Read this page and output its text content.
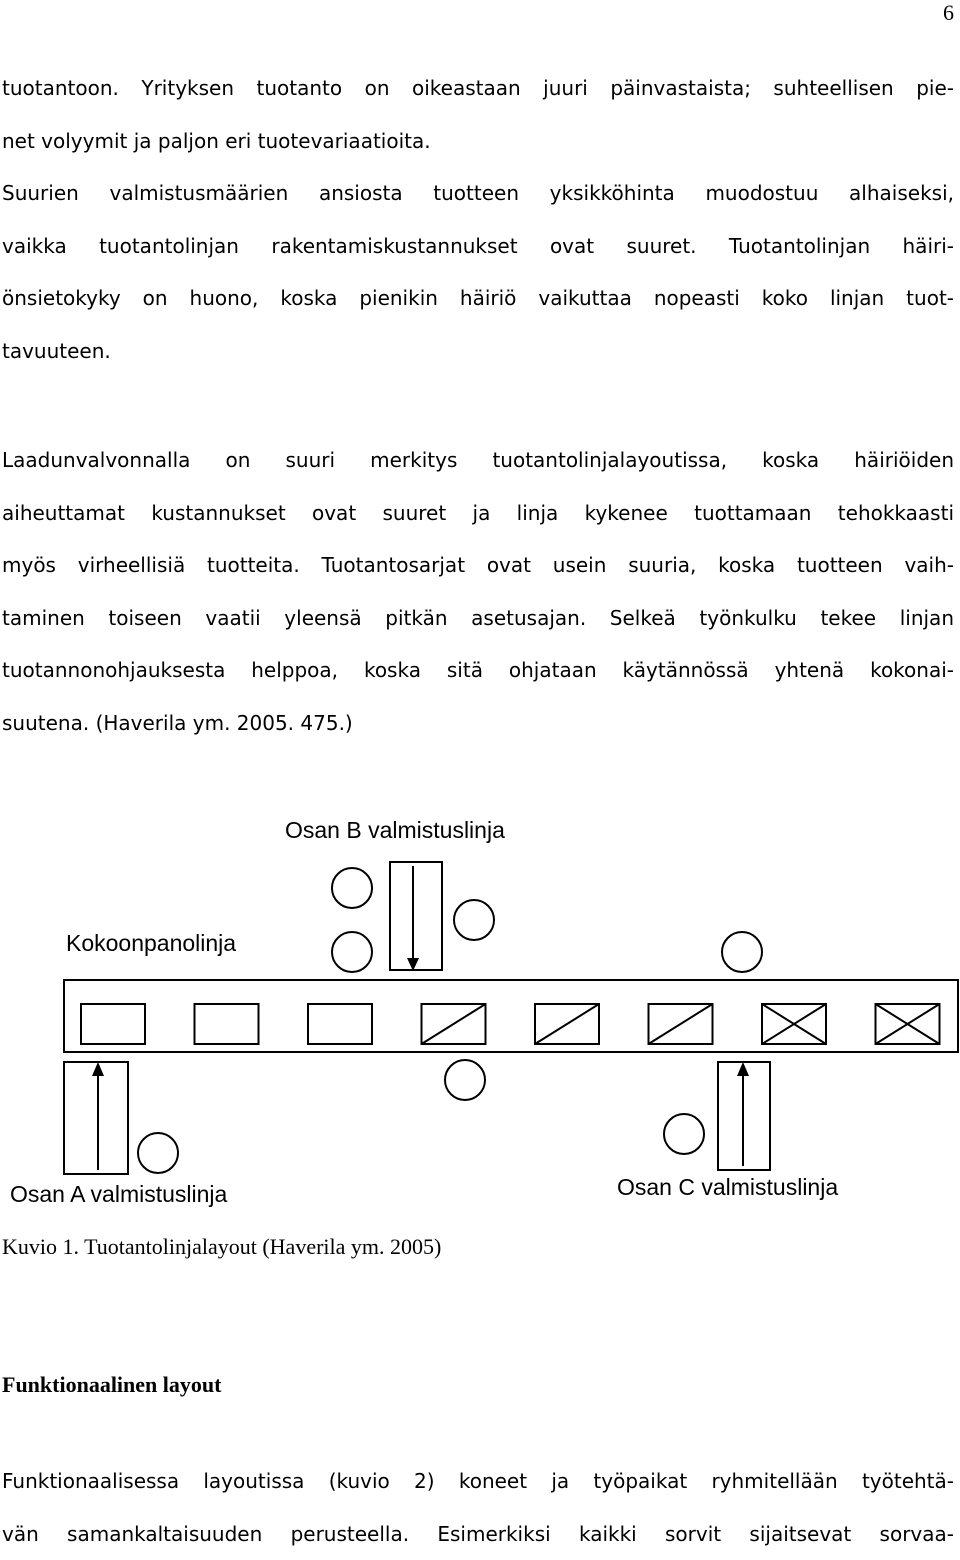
6
tuotantoon. Yrityksen tuotanto on oikeastaan juuri päinvastaista; suhteellisen pie-
net volyymit ja paljon eri tuotevariaatioita.
Suurien valmistusmäärien ansiosta tuotteen yksikköhinta muodostuu alhaiseksi,
vaikka tuotantolinjan rakentamiskustannukset ovat suuret. Tuotantolinjan häiri-
önsietokyky on huono, koska pienikin häiriö vaikuttaa nopeasti koko linjan tuot-
tavuuteen.
Laadunvalvonnalla on suuri merkitys tuotantolinjalayoutissa, koska häiriöiden
aiheuttamat kustannukset ovat suuret ja linja kykenee tuottamaan tehokkaasti
myös virheellisiä tuotteita. Tuotantosarjat ovat usein suuria, koska tuotteen vaih-
taminen toiseen vaatii yleensä pitkän asetusajan. Selkeä työnkulku tekee linjan
tuotannonohjauksesta helppoa, koska sitä ohjataan käytännössä yhtenä kokonai-
suutena. (Haverila ym. 2005. 475.)
Osan B valmistuslinja
Kokoonpanolinja
Osan A valmistuslinja	Osan C valmistuslinja
Kuvio 1. Tuotantolinjalayout (Haverila ym. 2005)
Funktionaalinen layout
Funktionaalisessa layoutissa (kuvio 2) koneet ja työpaikat ryhmitellään työtehtä-
vän samankaltaisuuden perusteella. Esimerkiksi kaikki sorvit sijaitsevat sorvaa-
